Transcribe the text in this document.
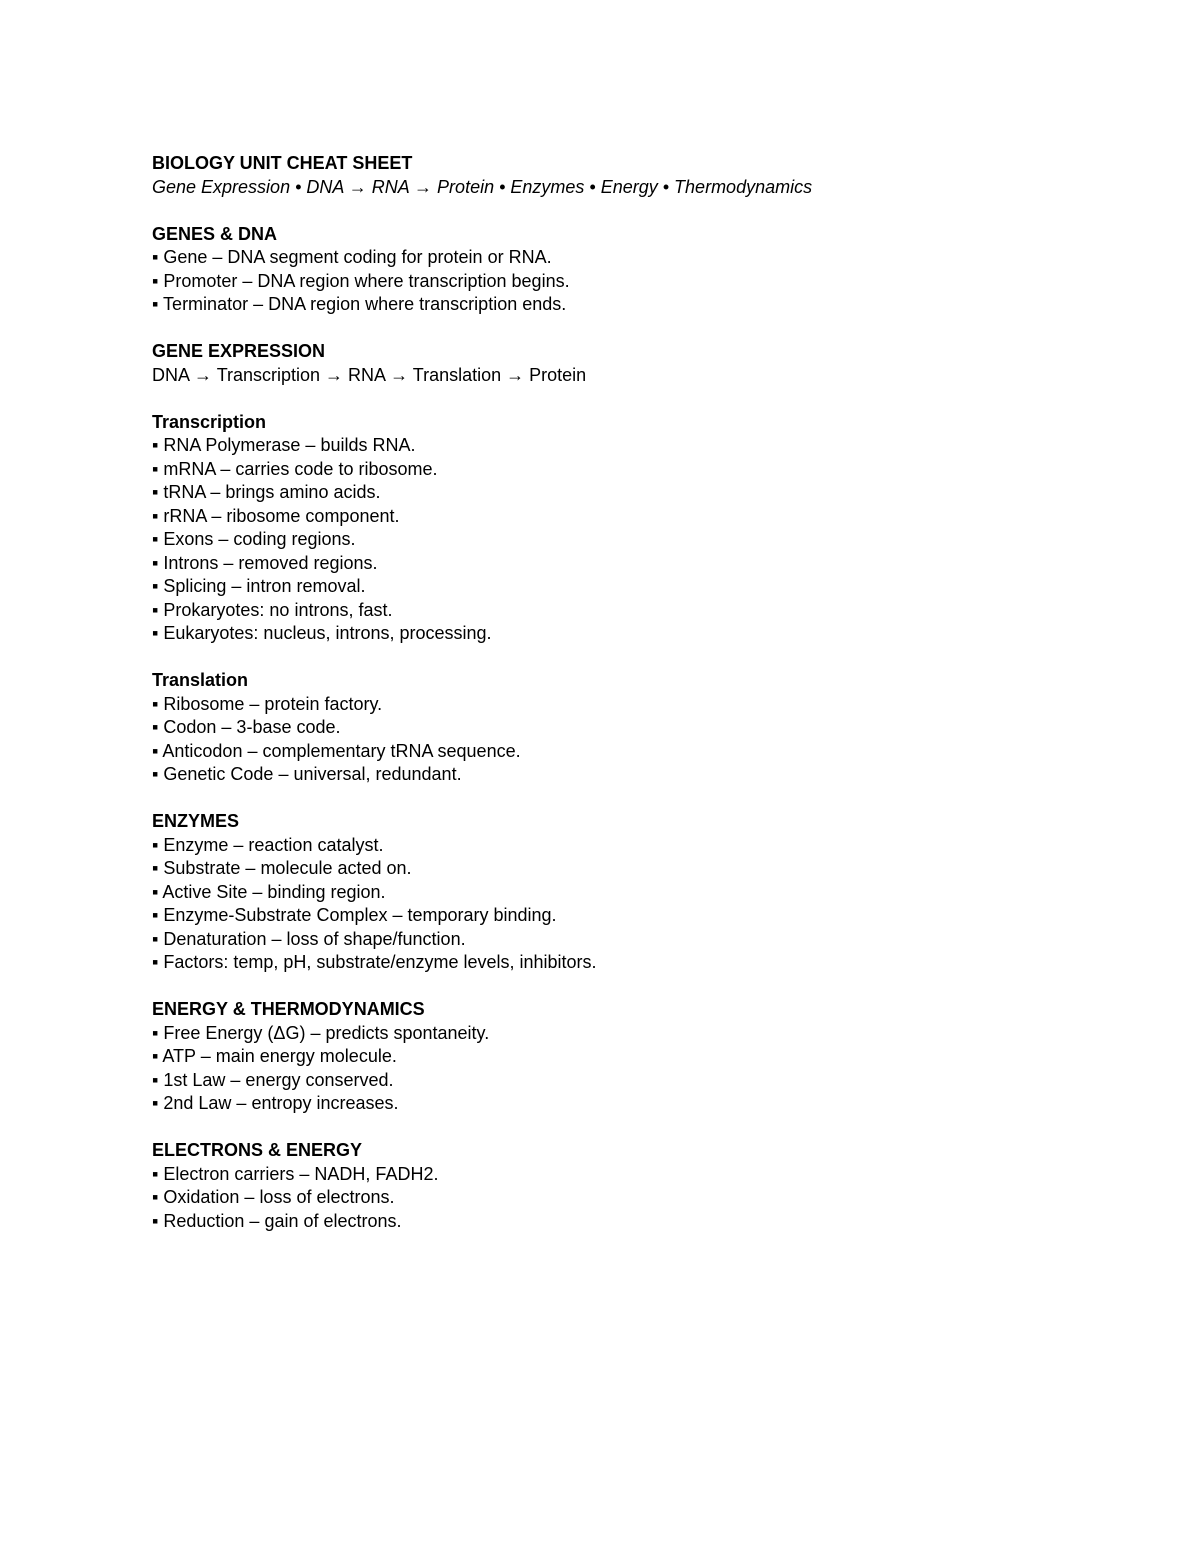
BIOLOGY UNIT CHEAT SHEET
Gene Expression • DNA → RNA → Protein • Enzymes • Energy • Thermodynamics
GENES & DNA
▪ Gene – DNA segment coding for protein or RNA.
▪ Promoter – DNA region where transcription begins.
▪ Terminator – DNA region where transcription ends.
GENE EXPRESSION
DNA → Transcription → RNA → Translation → Protein
Transcription
▪ RNA Polymerase – builds RNA.
▪ mRNA – carries code to ribosome.
▪ tRNA – brings amino acids.
▪ rRNA – ribosome component.
▪ Exons – coding regions.
▪ Introns – removed regions.
▪ Splicing – intron removal.
▪ Prokaryotes: no introns, fast.
▪ Eukaryotes: nucleus, introns, processing.
Translation
▪ Ribosome – protein factory.
▪ Codon – 3-base code.
▪ Anticodon – complementary tRNA sequence.
▪ Genetic Code – universal, redundant.
ENZYMES
▪ Enzyme – reaction catalyst.
▪ Substrate – molecule acted on.
▪ Active Site – binding region.
▪ Enzyme-Substrate Complex – temporary binding.
▪ Denaturation – loss of shape/function.
▪ Factors: temp, pH, substrate/enzyme levels, inhibitors.
ENERGY & THERMODYNAMICS
▪ Free Energy (ΔG) – predicts spontaneity.
▪ ATP – main energy molecule.
▪ 1st Law – energy conserved.
▪ 2nd Law – entropy increases.
ELECTRONS & ENERGY
▪ Electron carriers – NADH, FADH2.
▪ Oxidation – loss of electrons.
▪ Reduction – gain of electrons.
